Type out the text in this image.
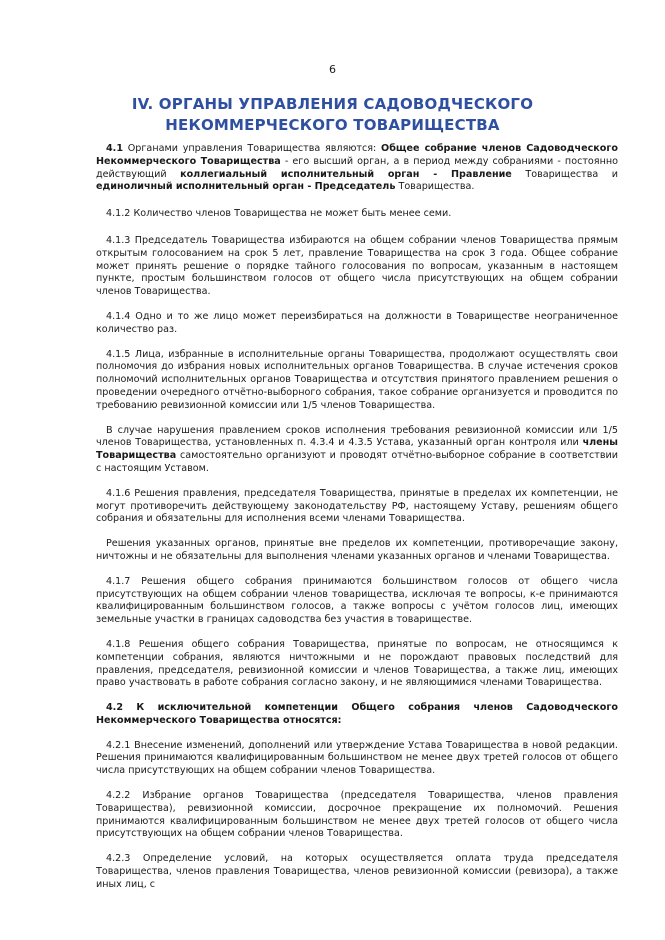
6
IV. ОРГАНЫ УПРАВЛЕНИЯ САДОВОДЧЕСКОГО
НЕКОММЕРЧЕСКОГО ТОВАРИЩЕСТВА

4.1 Органами управления Товарищества являются: Общее собрание членов Садоводческого Некоммерческого Товарищества - его высший орган, а в период между собраниями - постоянно действующий коллегиальный исполнительный орган - Правление Товарищества и единоличный исполнительный орган - Председатель Товарищества.

4.1.2 Количество членов Товарищества не может быть менее семи.

4.1.3 Председатель Товарищества избираются на общем собрании членов Товарищества прямым открытым голосованием на срок 5 лет, правление Товарищества на срок 3 года. Общее собрание может принять решение о порядке тайного голосования по вопросам, указанным в настоящем пункте, простым большинством голосов от общего числа присутствующих на общем собрании членов Товарищества.

4.1.4 Одно и то же лицо может переизбираться на должности в Товариществе неограниченное количество раз.

4.1.5 Лица, избранные в исполнительные органы Товарищества, продолжают осуществлять свои полномочия до избрания новых исполнительных органов Товарищества. В случае истечения сроков полномочий исполнительных органов Товарищества и отсутствия принятого правлением решения о проведении очередного отчётно-выборного собрания, такое собрание организуется и проводится по требованию ревизионной комиссии или 1/5 членов Товарищества.

В случае нарушения правлением сроков исполнения требования ревизионной комиссии или 1/5 членов Товарищества, установленных п. 4.3.4 и 4.3.5 Устава, указанный орган контроля или члены Товарищества самостоятельно организуют и проводят отчётно-выборное собрание в соответствии с настоящим Уставом.

4.1.6 Решения правления, председателя Товарищества, принятые в пределах их компетенции, не могут противоречить действующему законодательству РФ, настоящему Уставу, решениям общего собрания и обязательны для исполнения всеми членами Товарищества.

Решения указанных органов, принятые вне пределов их компетенции, противоречащие закону, ничтожны и не обязательны для выполнения членами указанных органов и членами Товарищества.

4.1.7 Решения общего собрания принимаются большинством голосов от общего числа присутствующих на общем собрании членов товарищества, исключая те вопросы, к-е принимаются квалифицированным большинством голосов, а также вопросы с учётом голосов лиц, имеющих земельные участки в границах садоводства без участия в товариществе.

4.1.8 Решения общего собрания Товарищества, принятые по вопросам, не относящимся к компетенции собрания, являются ничтожными и не порождают правовых последствий для правления, председателя, ревизионной комиссии и членов Товарищества, а также лиц, имеющих право участвовать в работе собрания согласно закону, и не являющимися членами Товарищества.

4.2 К исключительной компетенции Общего собрания членов Садоводческого Некоммерческого Товарищества относятся:

4.2.1 Внесение изменений, дополнений или утверждение Устава Товарищества в новой редакции. Решения принимаются квалифицированным большинством не менее двух третей голосов от общего числа присутствующих на общем собрании членов Товарищества.

4.2.2 Избрание органов Товарищества (председателя Товарищества, членов правления Товарищества), ревизионной комиссии, досрочное прекращение их полномочий. Решения принимаются квалифицированным большинством не менее двух третей голосов от общего числа присутствующих на общем собрании членов Товарищества.

4.2.3 Определение условий, на которых осуществляется оплата труда председателя Товарищества, членов правления Товарищества, членов ревизионной комиссии (ревизора), а также иных лиц, с
